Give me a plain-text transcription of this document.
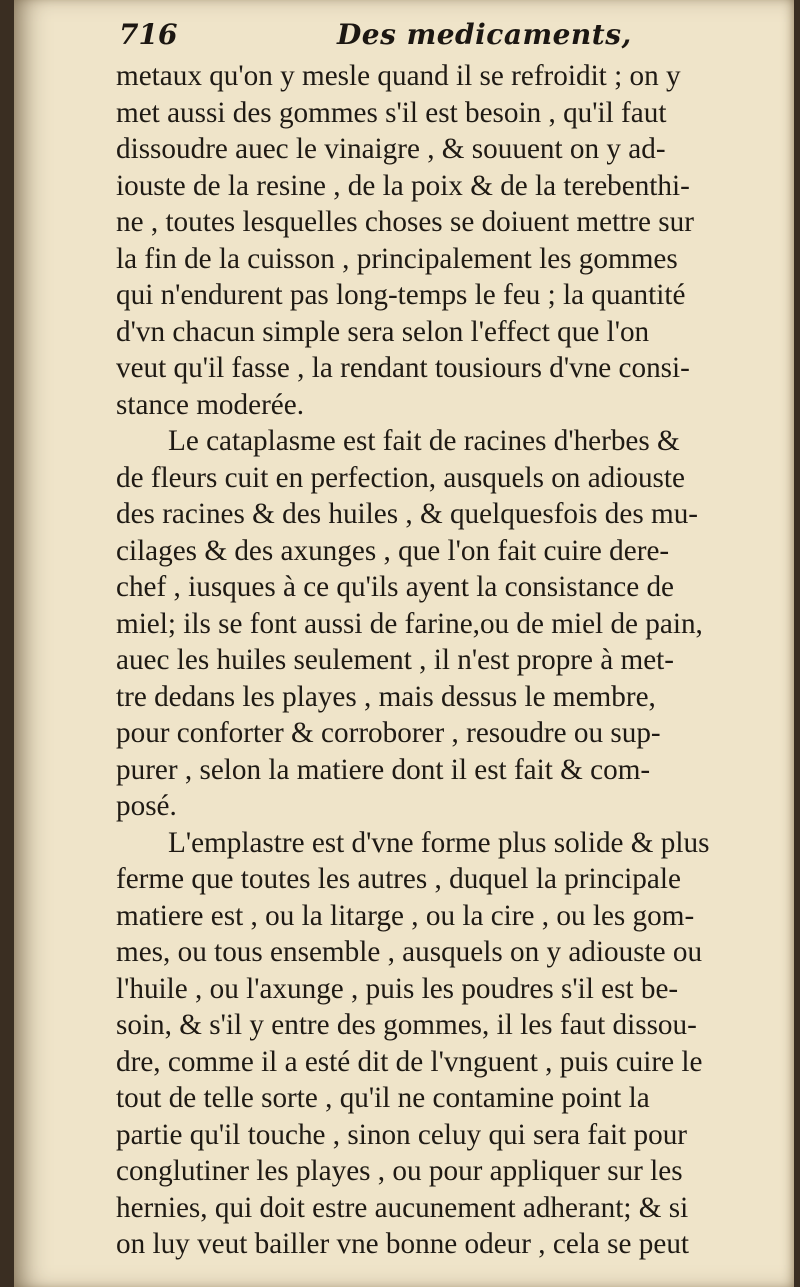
716	Des medicaments,
metaux qu'on y mesle quand il se refroidit ; on y
met aussi des gommes s'il est besoin , qu'il faut
dissoudre auec le vinaigre , & souuent on y ad-
iouste de la resine , de la poix & de la terebenthi-
ne , toutes lesquelles choses se doiuent mettre sur
la fin de la cuisson , principalement les gommes
qui n'endurent pas long-temps le feu ; la quantité
d'vn chacun simple sera selon l'effect que l'on
veut qu'il fasse , la rendant tousiours d'vne consi-
stance moderée.
Le cataplasme est fait de racines d'herbes &
de fleurs cuit en perfection, ausquels on adiouste
des racines & des huiles , & quelquesfois des mu-
cilages & des axunges , que l'on fait cuire dere-
chef , iusques à ce qu'ils ayent la consistance de
miel; ils se font aussi de farine,ou de miel de pain,
auec les huiles seulement , il n'est propre à met-
tre dedans les playes , mais dessus le membre,
pour conforter & corroborer , resoudre ou sup-
purer , selon la matiere dont il est fait & com-
posé.
L'emplastre est d'vne forme plus solide & plus
ferme que toutes les autres , duquel la principale
matiere est , ou la litarge , ou la cire , ou les gom-
mes, ou tous ensemble , ausquels on y adiouste ou
l'huile , ou l'axunge , puis les poudres s'il est be-
soin, & s'il y entre des gommes, il les faut dissou-
dre, comme il a esté dit de l'vnguent , puis cuire le
tout de telle sorte , qu'il ne contamine point la
partie qu'il touche , sinon celuy qui sera fait pour
conglutiner les playes , ou pour appliquer sur les
hernies, qui doit estre aucunement adherant; & si
on luy veut bailler vne bonne odeur , cela se peut
